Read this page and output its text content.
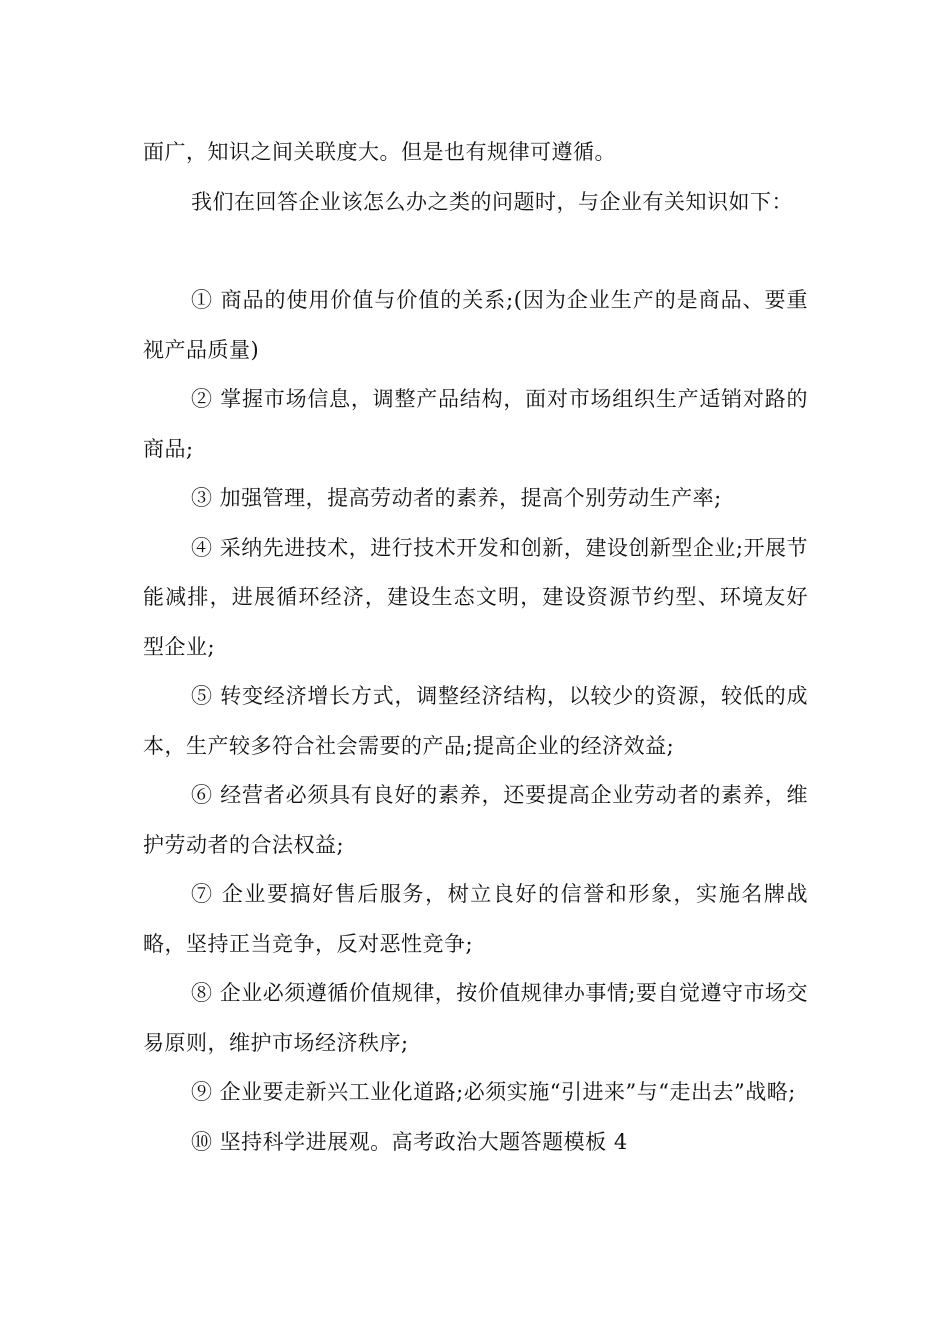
面广，知识之间关联度大。但是也有规律可遵循。

我们在回答企业该怎么办之类的问题时，与企业有关知识如下：

① 商品的使用价值与价值的关系;(因为企业生产的是商品、要重视产品质量)

② 掌握市场信息，调整产品结构，面对市场组织生产适销对路的商品;

③ 加强管理，提高劳动者的素养，提高个别劳动生产率;

④ 采纳先进技术，进行技术开发和创新，建设创新型企业;开展节能减排，进展循环经济，建设生态文明，建设资源节约型、环境友好型企业;

⑤ 转变经济增长方式，调整经济结构，以较少的资源，较低的成本，生产较多符合社会需要的产品;提高企业的经济效益;

⑥ 经营者必须具有良好的素养，还要提高企业劳动者的素养，维护劳动者的合法权益;

⑦ 企业要搞好售后服务，树立良好的信誉和形象，实施名牌战略，坚持正当竞争，反对恶性竞争;

⑧ 企业必须遵循价值规律，按价值规律办事情;要自觉遵守市场交易原则，维护市场经济秩序;

⑨ 企业要走新兴工业化道路;必须实施“引进来”与“走出去”战略;

⑩ 坚持科学进展观。高考政治大题答题模板 4
